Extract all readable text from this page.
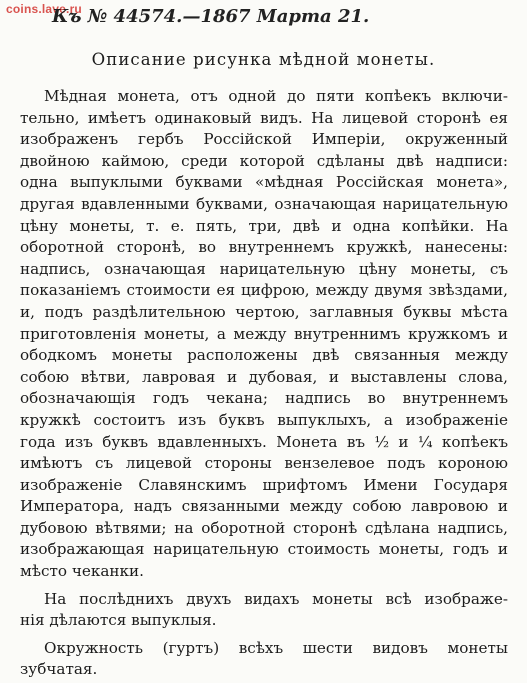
coins.lave.ru
Къ № 44574.—1867 Марта 21.
Описание рисунка мѣдной монеты.
Мѣдная монета, отъ одной до пяти копѣекъ включи-
тельно, имѣетъ одинаковый видъ. На лицевой сторонѣ ея
изображенъ гербъ Россійской Имперіи, окруженный
двойною каймою, среди которой сдѣланы двѣ надписи:
одна выпуклыми буквами «мѣдная Россійская монета»,
другая вдавленными буквами, означающая нарицательную
цѣну монеты, т. е. пять, три, двѣ и одна копѣйки. На
оборотной сторонѣ, во внутреннемъ кружкѣ, нанесены:
надпись, означающая нарицательную цѣну монеты, съ
показаніемъ стоимости ея цифрою, между двумя звѣздами,
и, подъ раздѣлительною чертою, заглавныя буквы мѣста
приготовленія монеты, а между внутреннимъ кружкомъ и
ободкомъ монеты расположены двѣ связанныя между
собою вѣтви, лавровая и дубовая, и выставлены слова,
обозначающія годъ чекана; надпись во внутреннемъ
кружкѣ состоитъ изъ буквъ выпуклыхъ, а изображеніе
года изъ буквъ вдавленныхъ. Монета въ ½ и ¼ копѣекъ
имѣютъ съ лицевой стороны вензелевое подъ короною
изображеніе Славянскимъ шрифтомъ Имени Государя
Императора, надъ связанными между собою лавровою и
дубовою вѣтвями; на оборотной сторонѣ сдѣлана надпись,
изображающая нарицательную стоимость монеты, годъ и
мѣсто чеканки.
На послѣднихъ двухъ видахъ монеты всѣ изображе-
нія дѣлаются выпуклыя.
Окружность (гуртъ) всѣхъ шести видовъ монеты
зубчатая.
